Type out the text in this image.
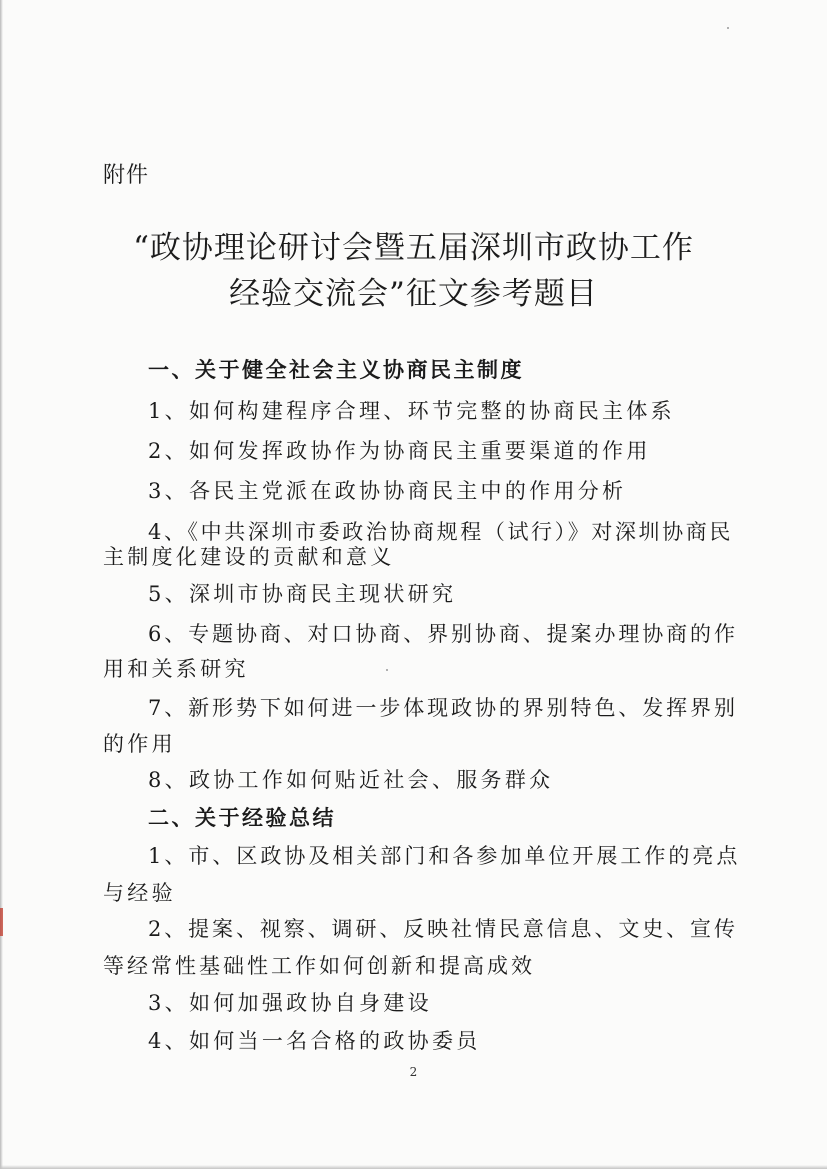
附件
“政协理论研讨会暨五届深圳市政协工作
经验交流会”征文参考题目
一、关于健全社会主义协商民主制度
1、如何构建程序合理、环节完整的协商民主体系
2、如何发挥政协作为协商民主重要渠道的作用
3、各民主党派在政协协商民主中的作用分析
4、《中共深圳市委政治协商规程（试行）》对深圳协商民
主制度化建设的贡献和意义
5、深圳市协商民主现状研究
6、专题协商、对口协商、界别协商、提案办理协商的作
用和关系研究
7、新形势下如何进一步体现政协的界别特色、发挥界别
的作用
8、政协工作如何贴近社会、服务群众
二、关于经验总结
1、市、区政协及相关部门和各参加单位开展工作的亮点
与经验
2、提案、视察、调研、反映社情民意信息、文史、宣传
等经常性基础性工作如何创新和提高成效
3、如何加强政协自身建设
4、如何当一名合格的政协委员
2
